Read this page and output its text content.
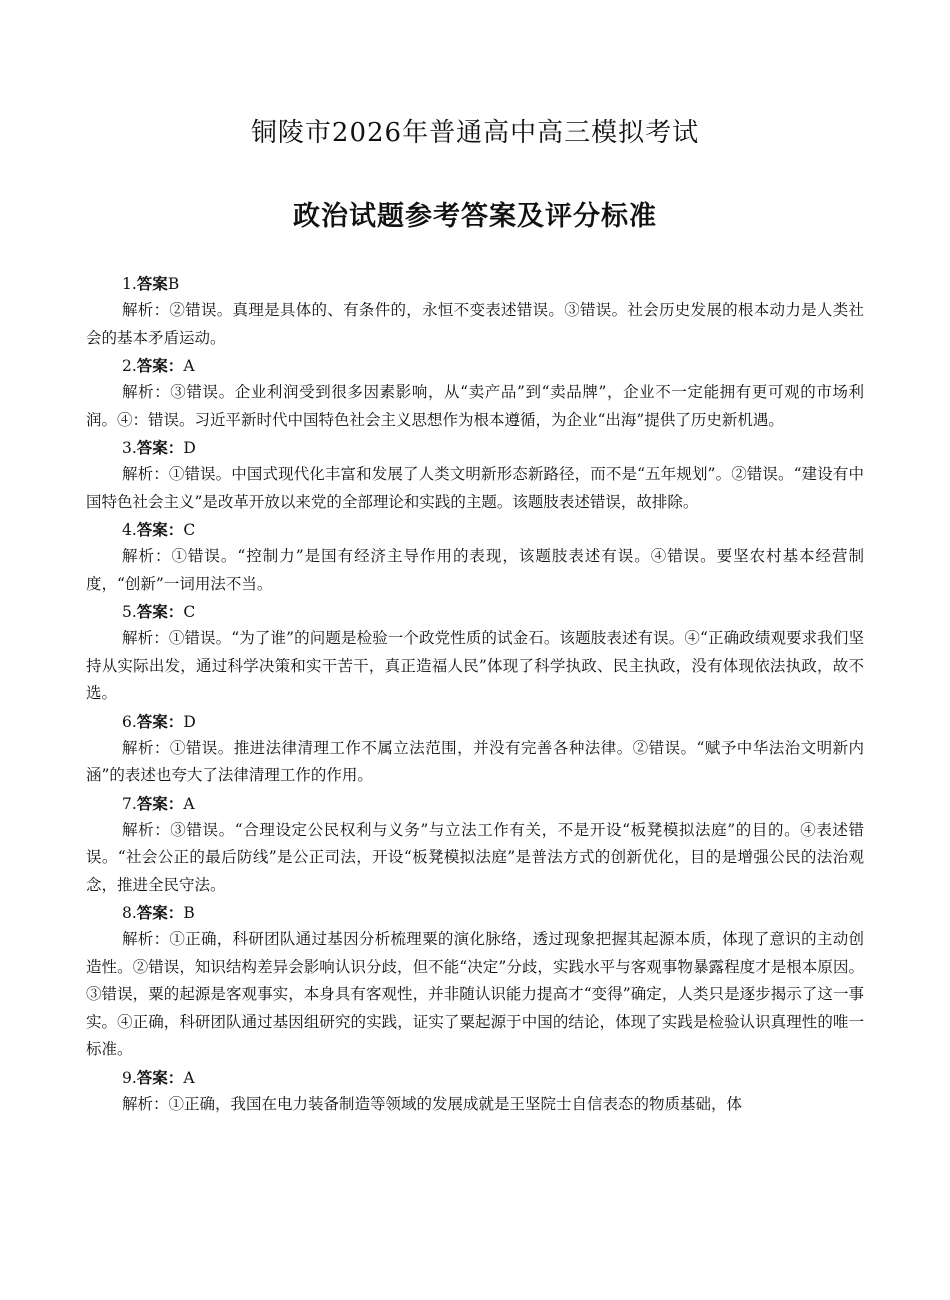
铜陵市2026年普通高中高三模拟考试
政治试题参考答案及评分标准
1.答案B

解析：②错误。真理是具体的、有条件的，永恒不变表述错误。③错误。社会历史发展的根本动力是人类社会的基本矛盾运动。

2.答案：A

解析：③错误。企业利润受到很多因素影响，从“卖产品”到“卖品牌”，企业不一定能拥有更可观的市场利润。④：错误。习近平新时代中国特色社会主义思想作为根本遵循，为企业“出海”提供了历史新机遇。

3.答案：D

解析：①错误。中国式现代化丰富和发展了人类文明新形态新路径，而不是“五年规划”。②错误。“建设有中国特色社会主义”是改革开放以来党的全部理论和实践的主题。该题肢表述错误，故排除。

4.答案：C

解析：①错误。“控制力”是国有经济主导作用的表现，该题肢表述有误。④错误。要坚农村基本经营制度，“创新”一词用法不当。

5.答案：C

解析：①错误。“为了谁”的问题是检验一个政党性质的试金石。该题肢表述有误。④“正确政绩观要求我们坚持从实际出发，通过科学决策和实干苦干，真正造福人民”体现了科学执政、民主执政，没有体现依法执政，故不选。

6.答案：D

解析：①错误。推进法律清理工作不属立法范围，并没有完善各种法律。②错误。“赋予中华法治文明新内涵”的表述也夸大了法律清理工作的作用。

7.答案：A

解析：③错误。“合理设定公民权利与义务”与立法工作有关，不是开设“板凳模拟法庭”的目的。④表述错误。“社会公正的最后防线”是公正司法，开设“板凳模拟法庭”是普法方式的创新优化，目的是增强公民的法治观念，推进全民守法。

8.答案：B

解析：①正确，科研团队通过基因分析梳理粟的演化脉络，透过现象把握其起源本质，体现了意识的主动创造性。②错误，知识结构差异会影响认识分歧，但不能“决定”分歧，实践水平与客观事物暴露程度才是根本原因。③错误，粟的起源是客观事实，本身具有客观性，并非随认识能力提高才“变得”确定，人类只是逐步揭示了这一事实。④正确，科研团队通过基因组研究的实践，证实了粟起源于中国的结论，体现了实践是检验认识真理性的唯一标准。

9.答案：A

解析：①正确，我国在电力装备制造等领域的发展成就是王坚院士自信表态的物质基础，体
